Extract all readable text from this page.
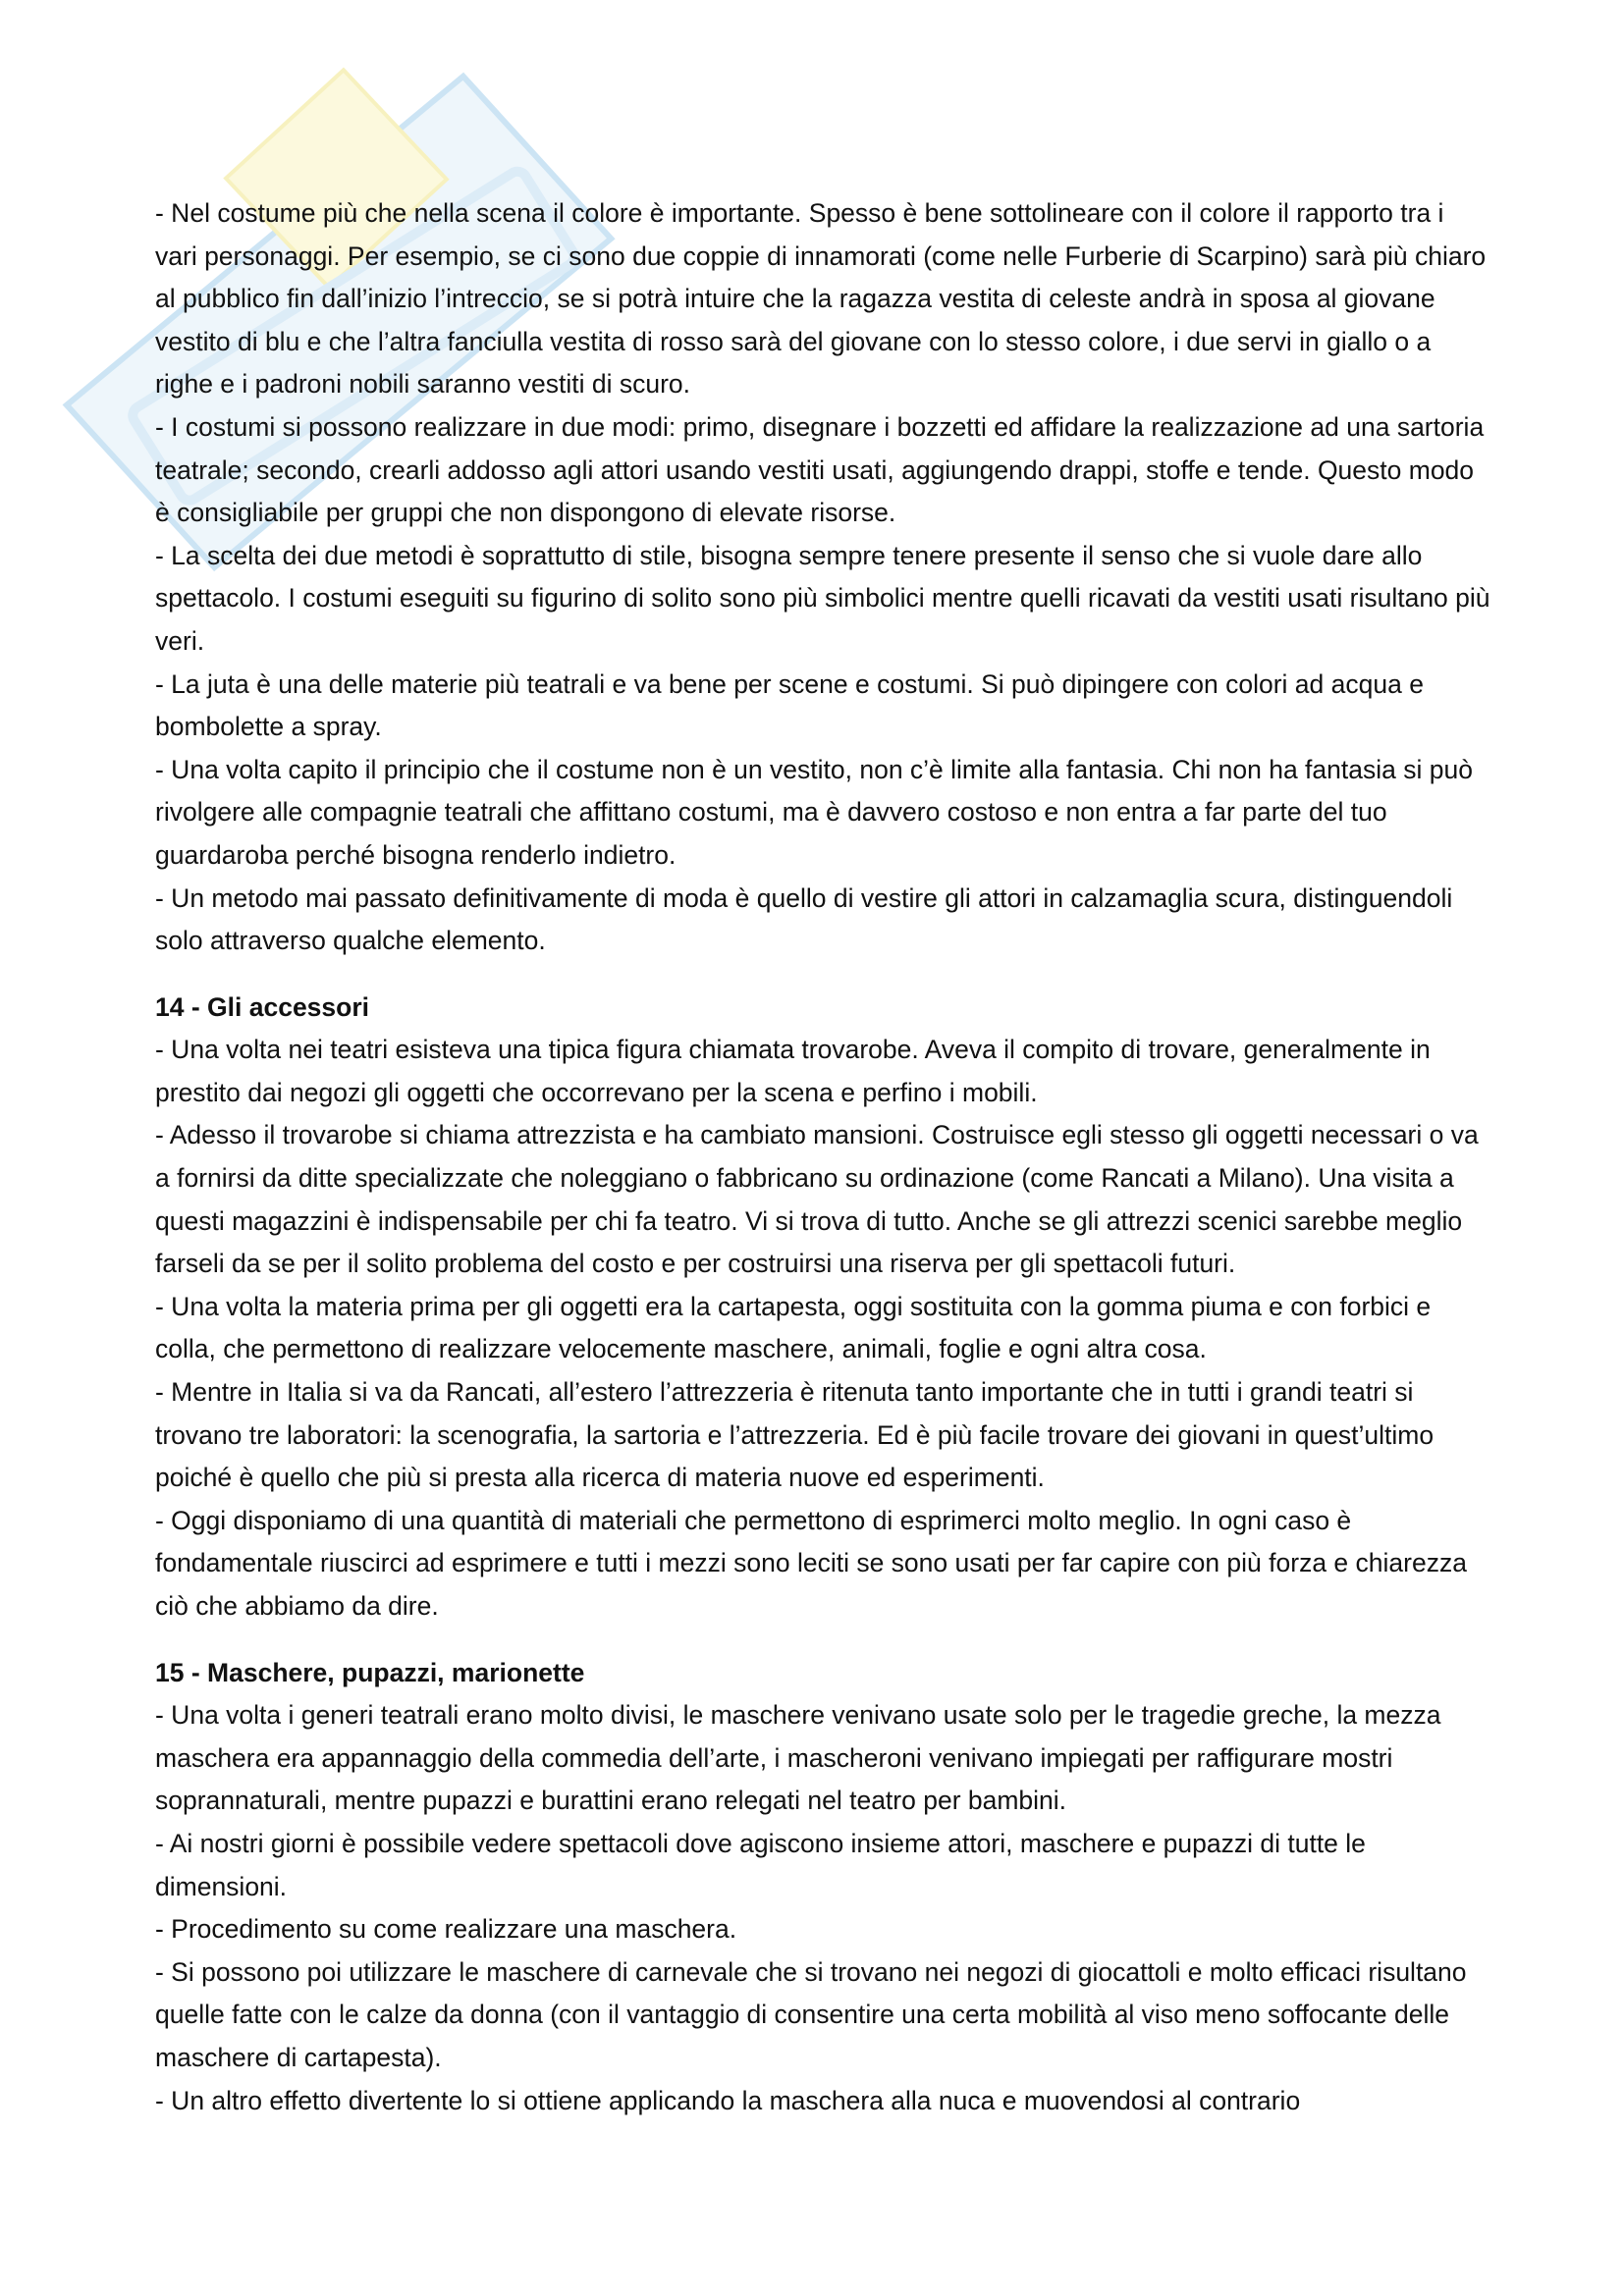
- Nel costume più che nella scena il colore è importante. Spesso è bene sottolineare con il colore il rapporto tra i vari personaggi. Per esempio, se ci sono due coppie di innamorati (come nelle Furberie di Scarpino) sarà più chiaro al pubblico fin dall’inizio l’intreccio, se si potrà intuire che la ragazza vestita di celeste andrà in sposa al giovane vestito di blu e che l’altra fanciulla vestita di rosso sarà del giovane con lo stesso colore, i due servi in giallo o a righe e i padroni nobili saranno vestiti di scuro.

- I costumi si possono realizzare in due modi: primo, disegnare i bozzetti ed affidare la realizzazione ad una sartoria teatrale; secondo, crearli addosso agli attori usando vestiti usati, aggiungendo drappi, stoffe e tende. Questo modo è consigliabile per gruppi che non dispongono di elevate risorse.

- La scelta dei due metodi è soprattutto di stile, bisogna sempre tenere presente il senso che si vuole dare allo spettacolo. I costumi eseguiti su figurino di solito sono più simbolici mentre quelli ricavati da vestiti usati risultano più veri.

- La juta è una delle materie più teatrali e va bene per scene e costumi. Si può dipingere con colori ad acqua e bombolette a spray.

- Una volta capito il principio che il costume non è un vestito, non c’è limite alla fantasia. Chi non ha fantasia si può rivolgere alle compagnie teatrali che affittano costumi, ma è davvero costoso e non entra a far parte del tuo guardaroba perché bisogna renderlo indietro.

- Un metodo mai passato definitivamente di moda è quello di vestire gli attori in calzamaglia scura, distinguendoli solo attraverso qualche elemento.

14 - Gli accessori

- Una volta nei teatri esisteva una tipica figura chiamata trovarobe. Aveva il compito di trovare, generalmente in prestito dai negozi gli oggetti che occorrevano per la scena e perfino i mobili.

- Adesso il trovarobe si chiama attrezzista e ha cambiato mansioni. Costruisce egli stesso gli oggetti necessari o va a fornirsi da ditte specializzate che noleggiano o fabbricano su ordinazione (come Rancati a Milano). Una visita a questi magazzini è indispensabile per chi fa teatro. Vi si trova di tutto. Anche se gli attrezzi scenici sarebbe meglio farseli da se per il solito problema del costo e per costruirsi una riserva per gli spettacoli futuri.

- Una volta la materia prima per gli oggetti era la cartapesta, oggi sostituita con la gomma piuma e con forbici e colla, che permettono di realizzare velocemente maschere, animali, foglie e ogni altra cosa.

- Mentre in Italia si va da Rancati, all’estero l’attrezzeria è ritenuta tanto importante che in tutti i grandi teatri si trovano tre laboratori: la scenografia, la sartoria e l’attrezzeria. Ed è più facile trovare dei giovani in quest’ultimo poiché è quello che più si presta alla ricerca di materia nuove ed esperimenti.

- Oggi disponiamo di una quantità di materiali che permettono di esprimerci molto meglio. In ogni caso è fondamentale riuscirci ad esprimere e tutti i mezzi sono leciti se sono usati per far capire con più forza e chiarezza ciò che abbiamo da dire.

15 - Maschere, pupazzi, marionette

- Una volta i generi teatrali erano molto divisi, le maschere venivano usate solo per le tragedie greche, la mezza maschera era appannaggio della commedia dell’arte, i mascheroni venivano impiegati per raffigurare mostri soprannaturali, mentre pupazzi e burattini erano relegati nel teatro per bambini.

- Ai nostri giorni è possibile vedere spettacoli dove agiscono insieme attori, maschere e pupazzi di tutte le dimensioni.

- Procedimento su come realizzare una maschera.

- Si possono poi utilizzare le maschere di carnevale che si trovano nei negozi di giocattoli e molto efficaci risultano quelle fatte con le calze da donna (con il vantaggio di consentire una certa mobilità al viso meno soffocante delle maschere di cartapesta).

- Un altro effetto divertente lo si ottiene applicando la maschera alla nuca e muovendosi al contrario
